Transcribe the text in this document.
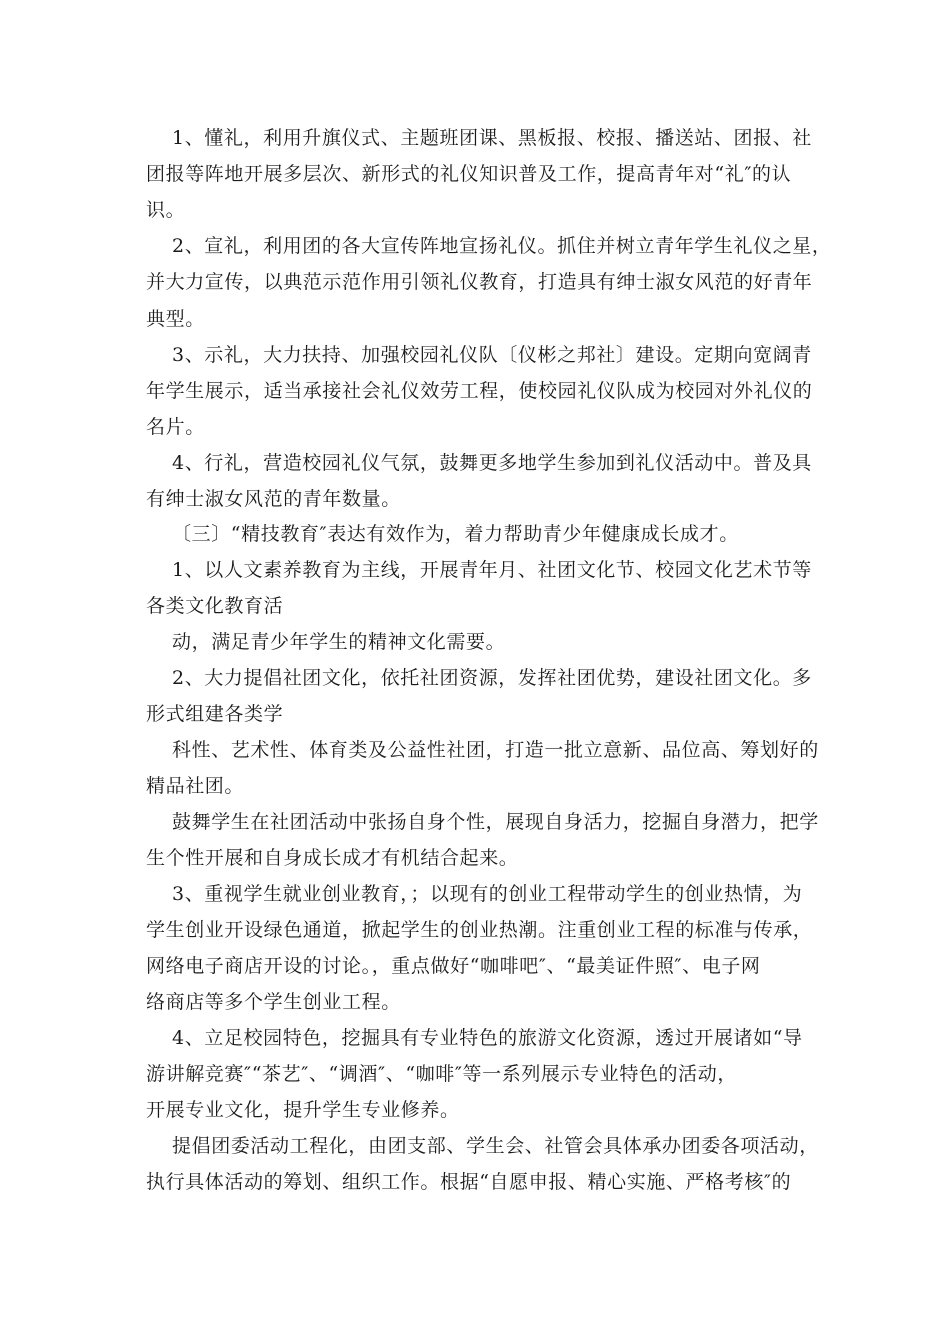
1、懂礼，利用升旗仪式、主题班团课、黑板报、校报、播送站、团报、社
团报等阵地开展多层次、新形式的礼仪知识普及工作，提高青年对“礼″的认
识。
2、宣礼，利用团的各大宣传阵地宣扬礼仪。抓住并树立青年学生礼仪之星，
并大力宣传，以典范示范作用引领礼仪教育，打造具有绅士淑女风范的好青年
典型。
3、示礼，大力扶持、加强校园礼仪队〔仪彬之邦社〕建设。定期向宽阔青
年学生展示，适当承接社会礼仪效劳工程，使校园礼仪队成为校园对外礼仪的
名片。
4、行礼，营造校园礼仪气氛，鼓舞更多地学生参加到礼仪活动中。普及具
有绅士淑女风范的青年数量。
〔三〕“精技教育″表达有效作为，着力帮助青少年健康成长成才。
1、以人文素养教育为主线，开展青年月、社团文化节、校园文化艺术节等
各类文化教育活
动，满足青少年学生的精神文化需要。
2、大力提倡社团文化，依托社团资源，发挥社团优势，建设社团文化。多
形式组建各类学
科性、艺术性、体育类及公益性社团，打造一批立意新、品位高、筹划好的
精品社团。
鼓舞学生在社团活动中张扬自身个性，展现自身活力，挖掘自身潜力，把学
生个性开展和自身成长成才有机结合起来。
3、重视学生就业创业教育，；以现有的创业工程带动学生的创业热情，为
学生创业开设绿色通道，掀起学生的创业热潮。注重创业工程的标准与传承，
网络电子商店开设的讨论。，重点做好“咖啡吧″、“最美证件照″、电子网
络商店等多个学生创业工程。
4、立足校园特色，挖掘具有专业特色的旅游文化资源，透过开展诸如“导
游讲解竞赛″“茶艺″、“调酒″、“咖啡″等一系列展示专业特色的活动，
开展专业文化，提升学生专业修养。
提倡团委活动工程化，由团支部、学生会、社管会具体承办团委各项活动，
执行具体活动的筹划、组织工作。根据“自愿申报、精心实施、严格考核″的
